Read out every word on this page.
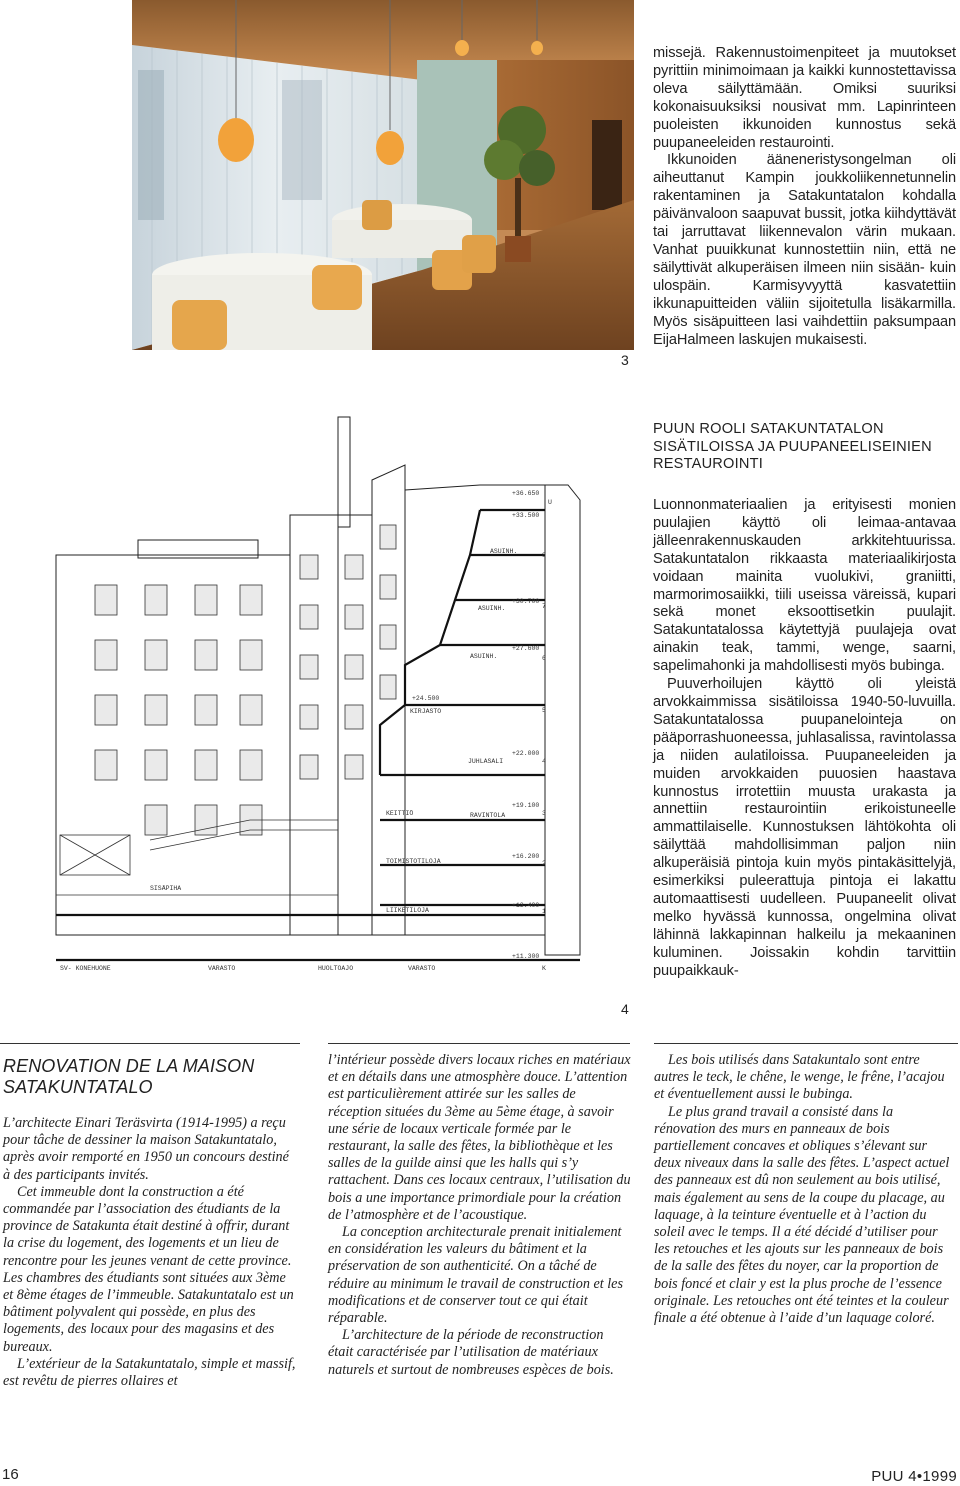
3

missejä. Rakennustoimenpiteet ja muutokset pyrittiin minimoimaan ja kaikki kunnostettavissa oleva säilyttämään. Omiksi suuriksi kokonaisuuksiksi nousivat mm. Lapinrinteen puoleisten ikkunoiden kunnostus sekä puupaneeleiden restaurointi.

Ikkunoiden ääneneristysongelman oli aiheuttanut Kampin joukkoliikennetunnelin rakentaminen ja Satakuntatalon kohdalla päivänvaloon saapuvat bussit, jotka kiihdyttävät tai jarruttavat liikennevalon värin mukaan. Vanhat puuikkunat kunnostettiin niin, että ne säilyttivät alkuperäisen ilmeen niin sisään- kuin ulospäin. Karmisyvyyttä kasvatettiin ikkunapuitteiden väliin sijoitetulla lisäkarmilla. Myös sisäpuitteen lasi vaihdettiin paksumpaan EijaHalmeen laskujen mukaisesti.

PUUN ROOLI SATAKUNTATALON SISÄTILOISSA JA PUUPANEELISEINIEN RESTAUROINTI

Luonnonmateriaalien ja erityisesti monien puulajien käyttö oli leimaa-antavaa jälleenrakennuskauden arkkitehtuurissa. Satakuntatalon rikkaasta materiaalikirjosta voidaan mainita vuolukivi, graniitti, marmorimosaiikki, tiili useissa väreissä, kupari sekä monet eksoottisetkin puulajit. Satakuntatalossa käytettyjä puulajeja ovat ainakin teak, tammi, wenge, saarni, sapelimahonki ja mahdollisesti myös bubinga.

Puuverhoilujen käyttö oli yleistä arvokkaimmissa sisätiloissa 1940-50-luvuilla. Satakuntatalossa puupanelointeja on pääporrashuoneessa, juhlasalissa, ravintolassa ja niiden aulatiloissa. Puupaneeleiden ja muiden arvokkaiden puuosien haastava kunnostus irrotettiin muusta urakasta ja annettiin restaurointiin erikoistuneelle ammattilaiselle. Kunnostuksen lähtökohta oli säilyttää mahdollisimman paljon niin alkuperäisiä pintoja kuin myös pintakäsittelyjä, esimerkiksi puleerattuja pintoja ei lakattu automaattisesti uudelleen. Puupaneelit olivat melko hyvässä kunnossa, ongelmina olivat lähinnä lakkapinnan halkeilu ja mekaaninen kuluminen. Joissakin kohdin tarvittiin puupaikkauk-

+36.650
+33.500
+30.700
+27.600
+24.500
+22.000
+19.100
+16.200
+13.400
+11.300
U
8
7
6
5
4
3
2
1
K
ASUINH.
ASUINH.
ASUINH.
KIRJASTO
JUHLASALI
KEITTIÖ	RAVINTOLA
TOIMISTOTILOJA
LIIKETILOJA
SISÄPIHA
SV- KONEHUONE	VARASTO	HUOLTOAJO	VARASTO
4
RENOVATION DE LA MAISON SATAKUNTATALO

L’architecte Einari Teräsvirta (1914-1995) a reçu pour tâche de dessiner la maison Satakuntatalo, après avoir remporté en 1950 un concours destiné à des participants invités.

Cet immeuble dont la construction a été commandée par l’association des étudiants de la province de Satakunta était destiné à offrir, durant la crise du logement, des logements et un lieu de rencontre pour les jeunes venant de cette province. Les chambres des étudiants sont situées aux 3ème et 8ème étages de l’immeuble. Satakuntatalo est un bâtiment polyvalent qui possède, en plus des logements, des locaux pour des magasins et des bureaux.

L’extérieur de la Satakuntatalo, simple et massif, est revêtu de pierres ollaires et

l’intérieur possède divers locaux riches en matériaux et en détails dans une atmosphère douce. L’attention est particulièrement attirée sur les salles de réception situées du 3ème au 5ème étage, à savoir une série de locaux verticale formée par le restaurant, la salle des fêtes, la bibliothèque et les salles de la guilde ainsi que les halls qui s’y rattachent. Dans ces locaux centraux, l’utilisation du bois a une importance primordiale pour la création de l’atmosphère et de l’acoustique.

La conception architecturale prenait initialement en considération les valeurs du bâtiment et la préservation de son authenticité. On a tâché de réduire au minimum le travail de construction et les modifications et de conserver tout ce qui était réparable.

L’architecture de la période de reconstruction était caractérisée par l’utilisation de matériaux naturels et surtout de nombreuses espèces de bois.

Les bois utilisés dans Satakuntalo sont entre autres le teck, le chêne, le wenge, le frêne, l’acajou et éventuellement aussi le bubinga.

Le plus grand travail a consisté dans la rénovation des murs en panneaux de bois partiellement concaves et obliques s’élevant sur deux niveaux dans la salle des fêtes. L’aspect actuel des panneaux est dû non seulement au bois utilisé, mais également au sens de la coupe du placage, au laquage, à la teinture éventuelle et à l’action du soleil avec le temps. Il a été décidé d’utiliser pour les retouches et les ajouts sur les panneaux de bois de la salle des fêtes du noyer, car la proportion de bois foncé et clair y est la plus proche de l’essence originale. Les retouches ont été teintes et la couleur finale a été obtenue à l’aide d’un laquage coloré.

16	PUU 4•1999
